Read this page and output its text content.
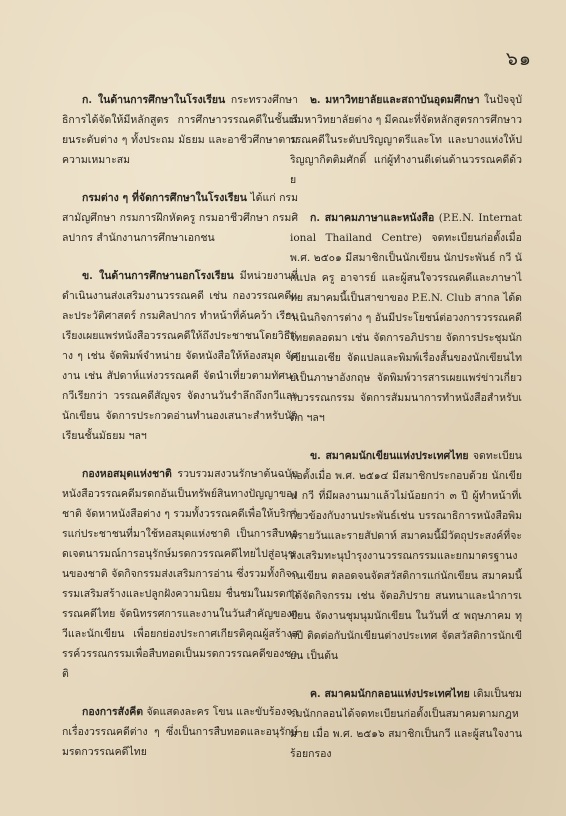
๖๑

ก. ในด้านการศึกษาในโรงเรียน กระทรวงศึกษาธิการได้จัดให้มีหลักสูตร การศึกษาวรรณคดีในชั้นเรียนระดับต่าง ๆ ทั้งประถม มัธยม และอาชีวศึกษาตามความเหมาะสม

กรมต่าง ๆ ที่จัดการศึกษาในโรงเรียน ได้แก่ กรมสามัญศึกษา กรมการฝึกหัดครู กรมอาชีวศึกษา กรมศิลปากร สำนักงานการศึกษาเอกชน

ข. ในด้านการศึกษานอกโรงเรียน มีหน่วยงานที่ดำเนินงานส่งเสริมงานวรรณคดี เช่น กองวรรณคดีและประวัติศาสตร์ กรมศิลปากร ทำหน้าที่ค้นคว้า เรียบเรียงเผยแพร่หนังสือวรรณคดีให้ถึงประชาชนโดยวิธีต่าง ๆ เช่น จัดพิมพ์จำหน่าย จัดหนังสือให้ห้องสมุด จัดงาน เช่น สัปดาห์แห่งวรรณคดี จัดนำเที่ยวตามทัศนากวีเรียกว่า วรรณคดีสัญจร จัดงานวันรำลึกถึงกวีและนักเขียน จัดการประกวดอ่านทำนองเสนาะสำหรับนักเรียนชั้นมัธยม ฯลฯ

กองหอสมุดแห่งชาติ รวบรวมสงวนรักษาต้นฉบับหนังสือวรรณคดีมรดกอันเป็นทรัพย์สินทางปัญญาของชาติ จัดหาหนังสือต่าง ๆ รวมทั้งวรรณคดีเพื่อให้บริการแก่ประชาชนที่มาใช้หอสมุดแห่งชาติ เป็นการสืบทอดเจตนารมณ์การอนุรักษ์มรดกวรรณคดีไทยไปสู่อนุชนของชาติ จัดกิจกรรมส่งเสริมการอ่าน ซึ่งรวมทั้งกิจกรรมเสริมสร้างและปลูกฝังความนิยม ชื่นชมในมรดกวรรณคดีไทย จัดนิทรรศการและงานในวันสำคัญของกวีและนักเขียน เพื่อยกย่องประกาศเกียรติคุณผู้สร้างสรรค์วรรณกรรมเพื่อสืบทอดเป็นมรดกวรรณคดีของชาติ

กองการสังคีต จัดแสดงละคร โขน และขับร้องจากเรื่องวรรณคดีต่าง ๆ ซึ่งเป็นการสืบทอดและอนุรักษ์มรดกวรรณคดีไทย

๒. มหาวิทยาลัยและสถาบันอุดมศึกษา ในปัจจุบันมหาวิทยาลัยต่าง ๆ มีคณะที่จัดหลักสูตรการศึกษาวรรณคดีในระดับปริญญาตรีและโท และบางแห่งให้ปริญญากิตติมศักดิ์ แก่ผู้ทำงานดีเด่นด้านวรรณคดีด้วย

ก. สมาคมภาษาและหนังสือ (P.E.N. International Thailand Centre) จดทะเบียนก่อตั้งเมื่อ พ.ศ. ๒๕๐๑ มีสมาชิกเป็นนักเขียน นักประพันธ์ กวี นักแปล ครู อาจารย์ และผู้สนใจวรรณคดีและภาษาไทย สมาคมนี้เป็นสาขาของ P.E.N. Club สากล ได้ดำเนินกิจการต่าง ๆ อันมีประโยชน์ต่อวงการวรรณคดีไทยตลอดมา เช่น จัดการอภิปราย จัดการประชุมนักเขียนเอเชีย จัดแปลและพิมพ์เรื่องสั้นของนักเขียนไทยเป็นภาษาอังกฤษ จัดพิมพ์วารสารเผยแพร่ข่าวเกี่ยวกับวรรณกรรม จัดการสัมมนาการทำหนังสือสำหรับเด็ก ฯลฯ

ข. สมาคมนักเขียนแห่งประเทศไทย จดทะเบียนก่อตั้งเมื่อ พ.ศ. ๒๕๑๔ มีสมาชิกประกอบด้วย นักเขียน กวี ที่มีผลงานมาแล้วไม่น้อยกว่า ๓ ปี ผู้ทำหน้าที่เกี่ยวข้องกับงานประพันธ์เช่น บรรณาธิการหนังสือพิมพ์รายวันและรายสัปดาห์ สมาคมนี้มีวัตถุประสงค์ที่จะส่งเสริมทะนุบำรุงงานวรรณกรรมและยกมาตรฐานงานเขียน ตลอดจนจัดสวัสดิการแก่นักเขียน สมาคมนี้ได้จัดกิจกรรม เช่น จัดอภิปราย สนทนาและนำการเขียน จัดงานชุมนุมนักเขียน ในวันที่ ๕ พฤษภาคม ทุกปี ติดต่อกับนักเขียนต่างประเทศ จัดสวัสดิการนักเขียน เป็นต้น

ค. สมาคมนักกลอนแห่งประเทศไทย เดิมเป็นชมรมนักกลอนได้จดทะเบียนก่อตั้งเป็นสมาคมตามกฎหมาย เมื่อ พ.ศ. ๒๕๑๖ สมาชิกเป็นกวี และผู้สนใจงานร้อยกรอง
